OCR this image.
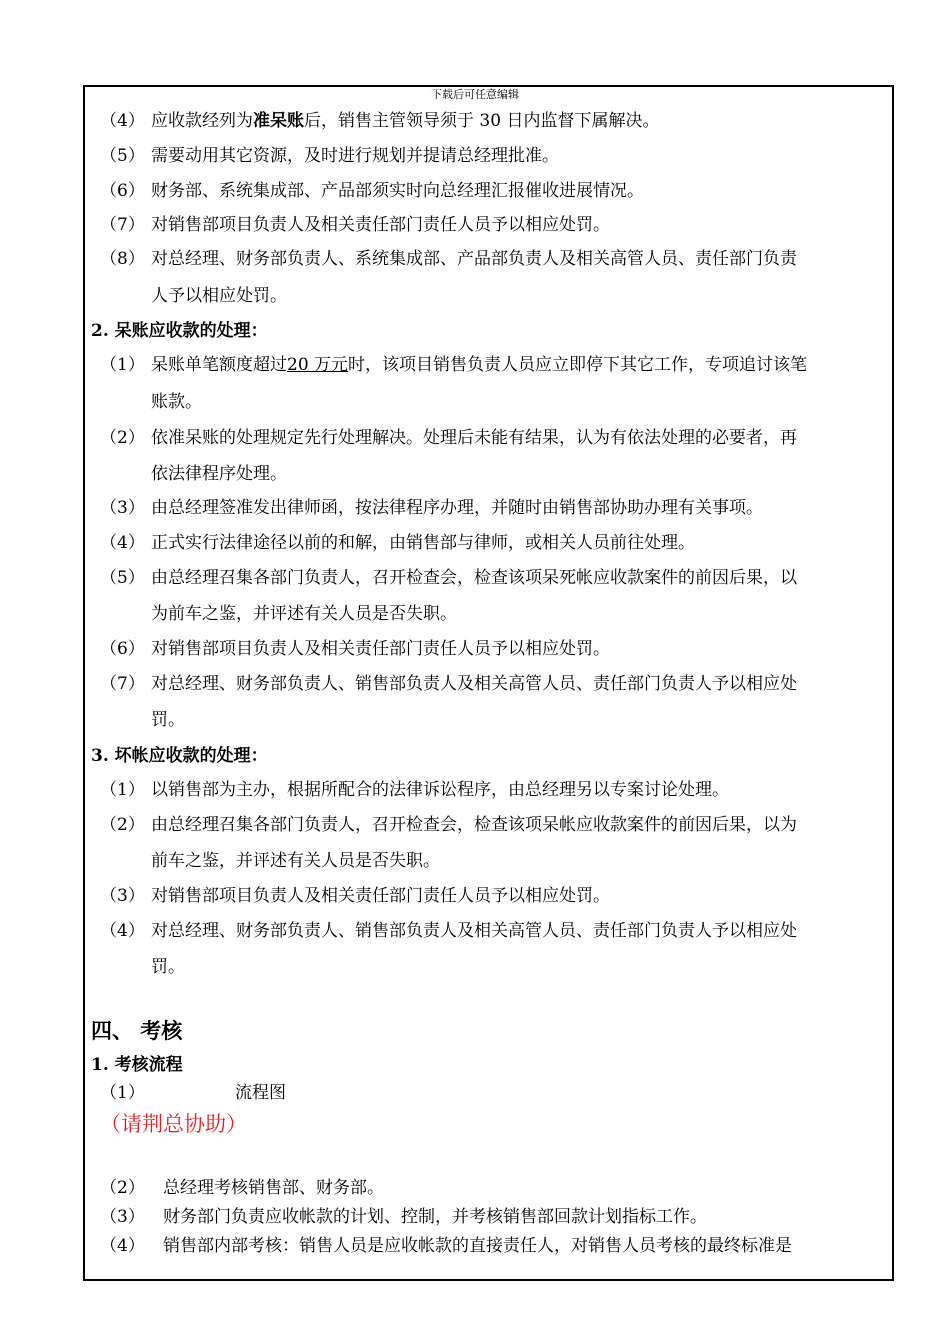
下载后可任意编辑
（4） 应收款经列为准呆账后，销售主管领导须于 30 日内监督下属解决。
（5） 需要动用其它资源，及时进行规划并提请总经理批准。
（6） 财务部、系统集成部、产品部须实时向总经理汇报催收进展情况。
（7） 对销售部项目负责人及相关责任部门责任人员予以相应处罚。
（8） 对总经理、财务部负责人、系统集成部、产品部负责人及相关高管人员、责任部门负责
人予以相应处罚。
2. 呆账应收款的处理：
（1） 呆账单笔额度超过20 万元时，该项目销售负责人员应立即停下其它工作，专项追讨该笔
账款。
（2） 依准呆账的处理规定先行处理解决。处理后未能有结果，认为有依法处理的必要者，再
依法律程序处理。
（3） 由总经理签准发出律师函，按法律程序办理，并随时由销售部协助办理有关事项。
（4） 正式实行法律途径以前的和解，由销售部与律师，或相关人员前往处理。
（5） 由总经理召集各部门负责人，召开检查会，检查该项呆死帐应收款案件的前因后果，以
为前车之鉴，并评述有关人员是否失职。
（6） 对销售部项目负责人及相关责任部门责任人员予以相应处罚。
（7） 对总经理、财务部负责人、销售部负责人及相关高管人员、责任部门负责人予以相应处
罚。
3. 坏帐应收款的处理：
（1） 以销售部为主办，根据所配合的法律诉讼程序，由总经理另以专案讨论处理。
（2） 由总经理召集各部门负责人，召开检查会，检查该项呆帐应收款案件的前因后果，以为
前车之鉴，并评述有关人员是否失职。
（3） 对销售部项目负责人及相关责任部门责任人员予以相应处罚。
（4） 对总经理、财务部负责人、销售部负责人及相关高管人员、责任部门负责人予以相应处
罚。
四、 考核
1. 考核流程
（1）	流程图
（请荆总协助）
（2） 总经理考核销售部、财务部。
（3） 财务部门负责应收帐款的计划、控制，并考核销售部回款计划指标工作。
（4） 销售部内部考核：销售人员是应收帐款的直接责任人，对销售人员考核的最终标准是
